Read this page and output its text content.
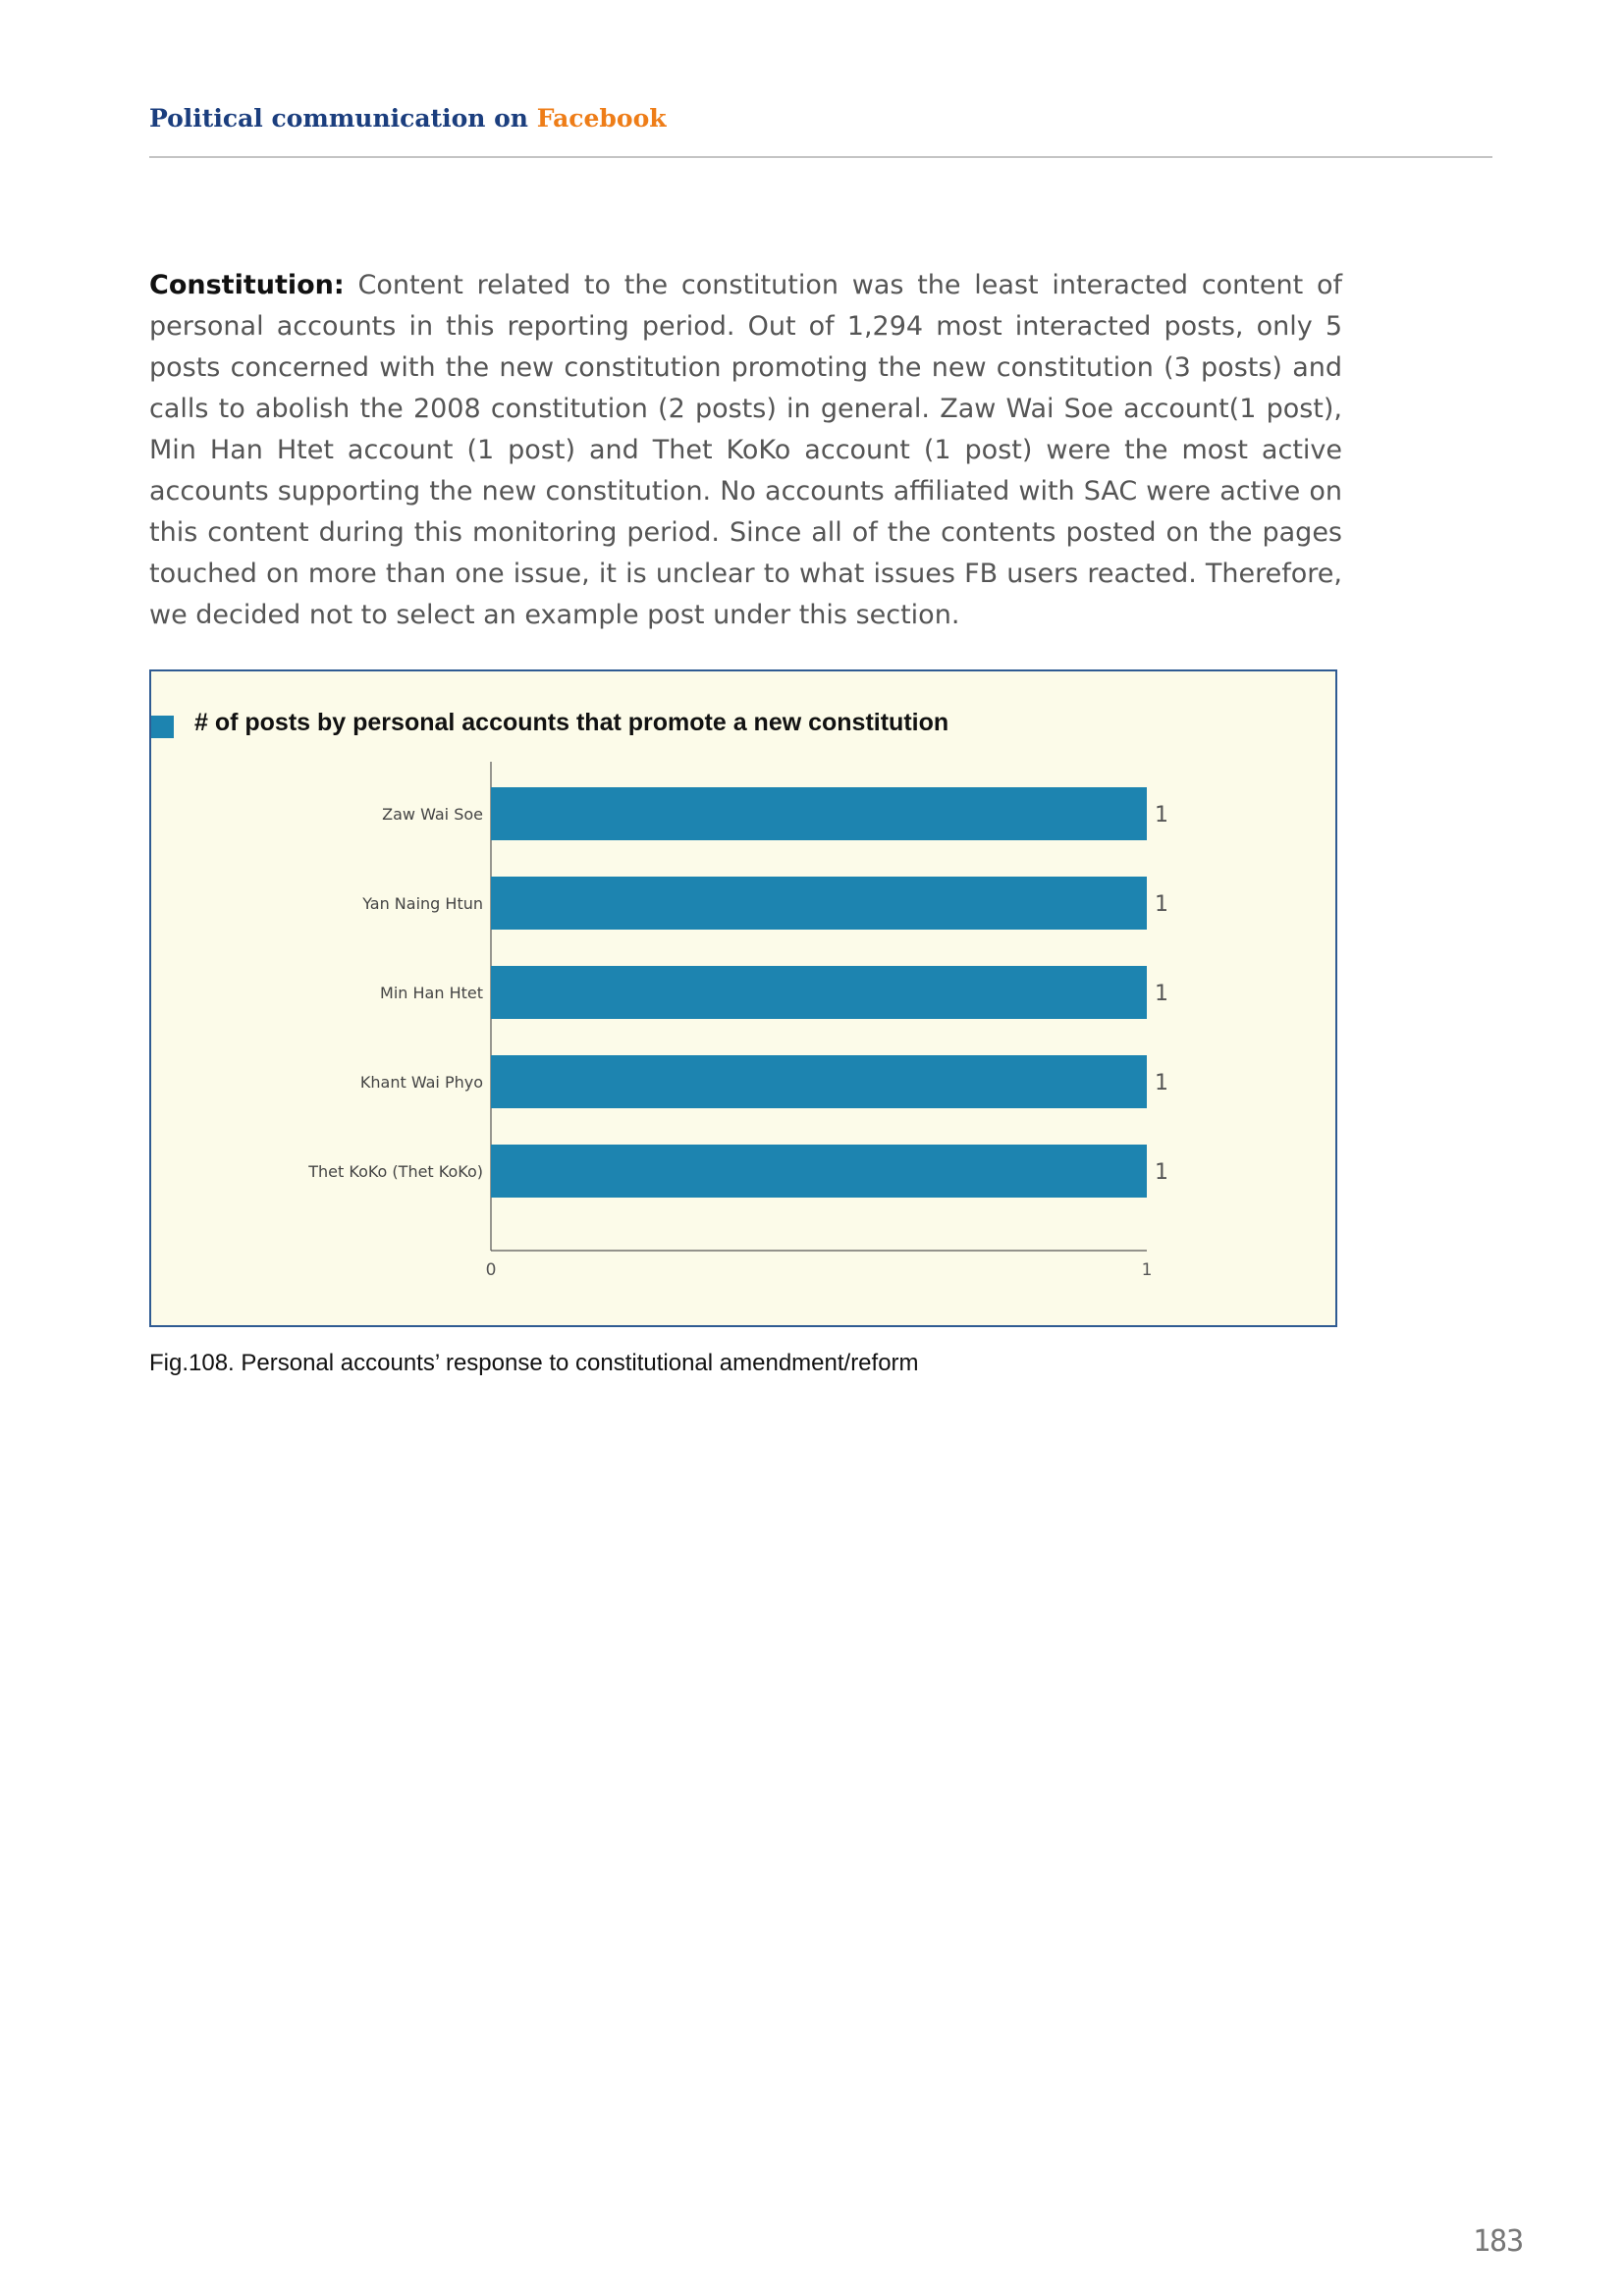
Political communication on Facebook

Constitution: Content related to the constitution was the least interacted content of personal accounts in this reporting period. Out of 1,294 most interacted posts, only 5 posts concerned with the new constitution promoting the new constitution (3 posts) and calls to abolish the 2008 constitution (2 posts) in general. Zaw Wai Soe account(1 post), Min Han Htet account (1 post) and Thet KoKo account (1 post) were the most active accounts supporting the new constitution. No accounts affiliated with SAC were active on this content during this monitoring period. Since all of the contents posted on the pages touched on more than one issue, it is unclear to what issues FB users reacted. Therefore, we decided not to select an example post under this section.

# of posts by personal accounts that promote a new constitution
Zaw Wai Soe	1
Yan Naing Htun	1
Min Han Htet	1
Khant Wai Phyo	1
Thet KoKo (Thet KoKo)	1
0	1
Fig.108. Personal accounts’ response to constitutional amendment/reform
183
